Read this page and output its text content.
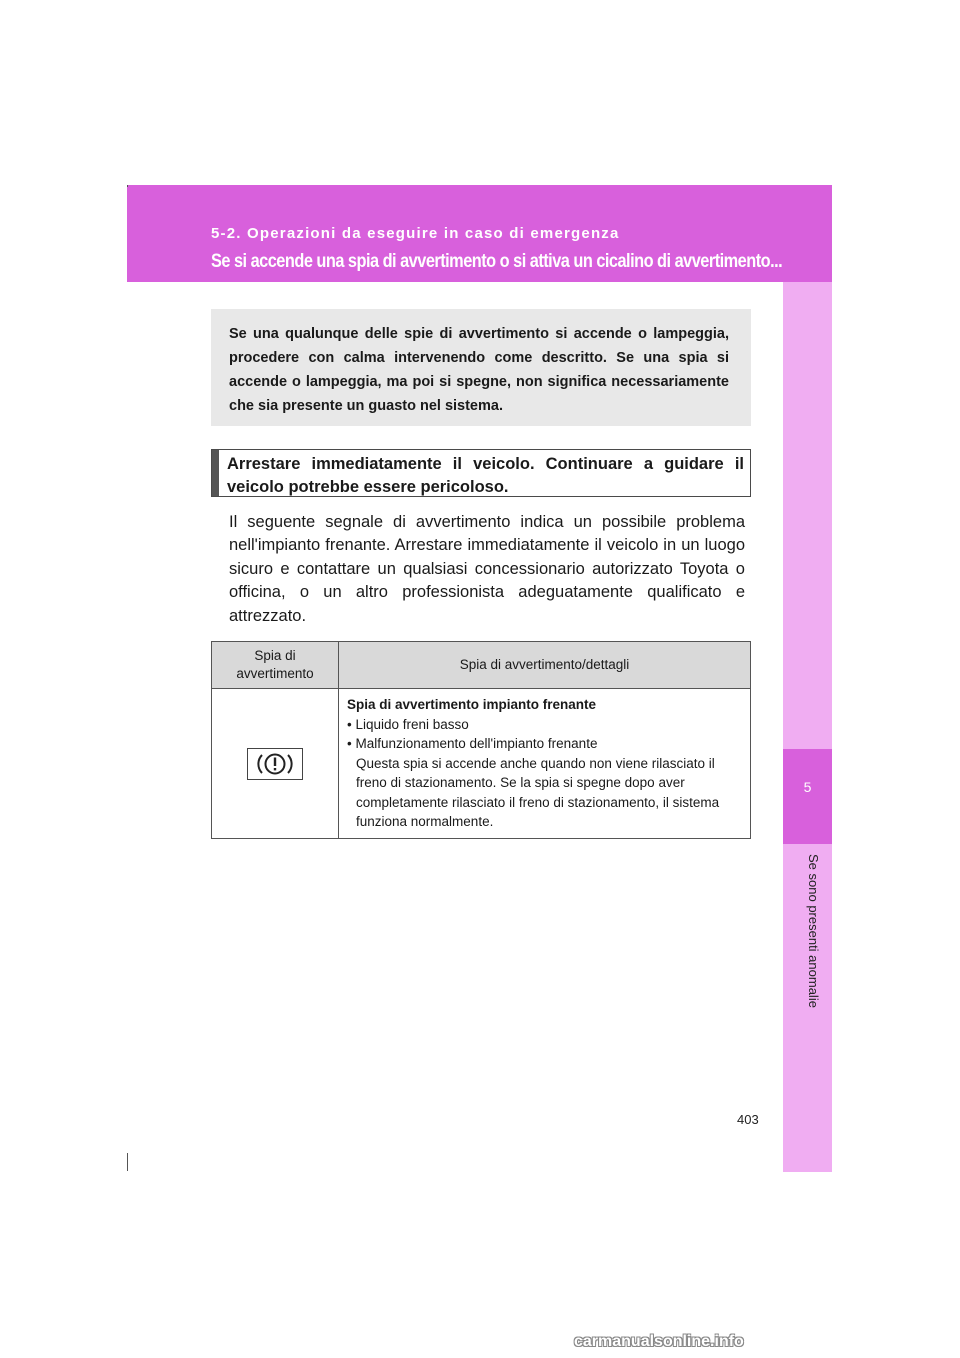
5-2. Operazioni da eseguire in caso di emergenza
Se si accende una spia di avvertimento o si attiva un cicalino di avvertimento...
5
Se sono presenti anomalie
Se una qualunque delle spie di avvertimento si accende o lampeggia, procedere con calma intervenendo come descritto. Se una spia si accende o lampeggia, ma poi si spegne, non significa necessariamente che sia presente un guasto nel sistema.
Arrestare immediatamente il veicolo. Continuare a guidare il veicolo potrebbe essere pericoloso.
Il seguente segnale di avvertimento indica un possibile problema nell'impianto frenante. Arrestare immediatamente il veicolo in un luogo sicuro e contattare un qualsiasi concessionario autorizzato Toyota o officina, o un altro professionista adeguatamente qualificato e attrezzato.
Spia di avvertimento	Spia di avvertimento/dettagli

Spia di avvertimento impianto frenante
• Liquido freni basso
• Malfunzionamento dell'impianto frenante
Questa spia si accende anche quando non viene rilasciato il freno di stazionamento. Se la spia si spegne dopo aver completamente rilasciato il freno di stazionamento, il sistema funziona normalmente.
403
carmanualsonline.info
